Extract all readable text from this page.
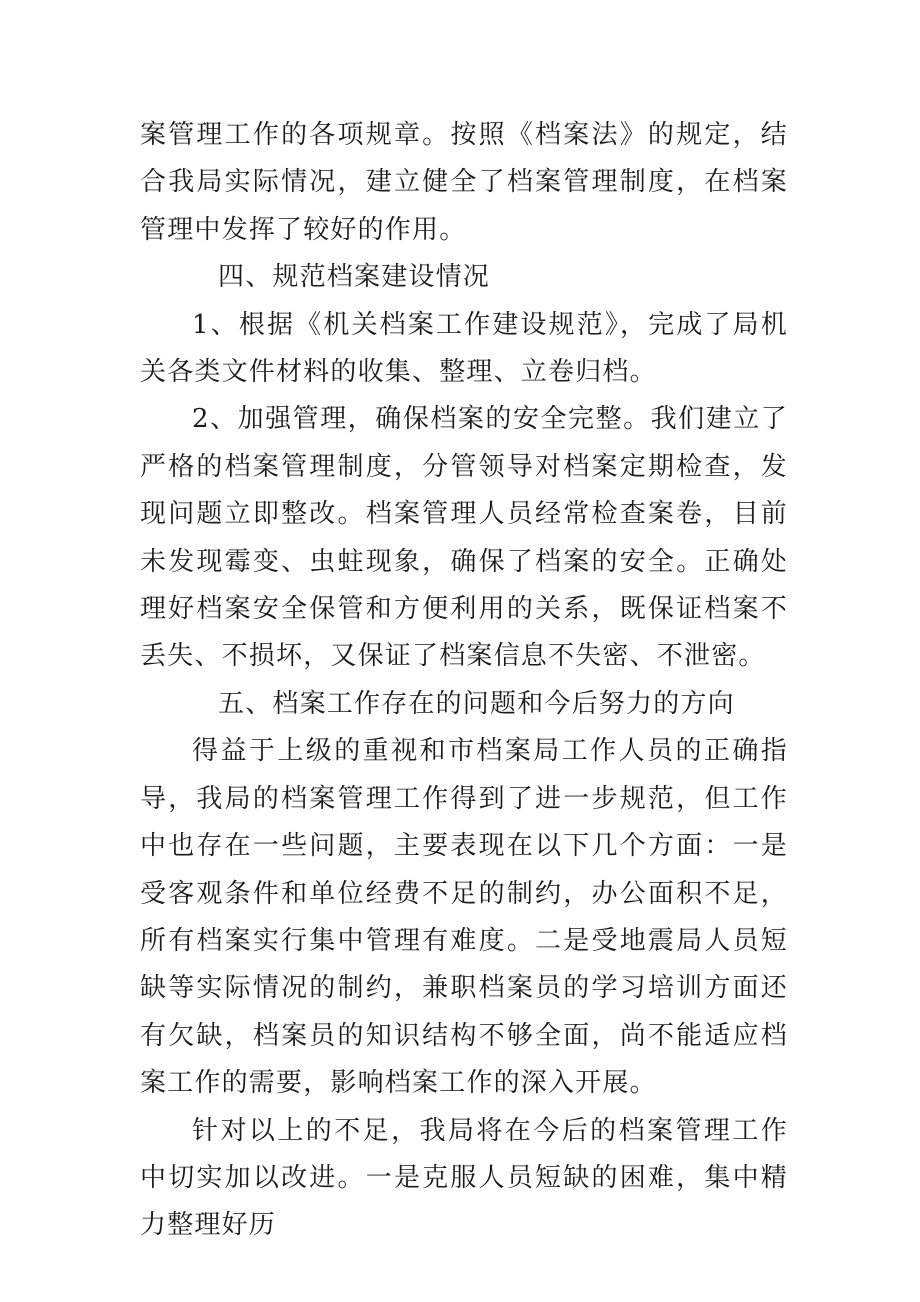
案管理工作的各项规章。按照《档案法》的规定，结合我局实际情况，建立健全了档案管理制度，在档案管理中发挥了较好的作用。

四、规范档案建设情况

1、根据《机关档案工作建设规范》，完成了局机关各类文件材料的收集、整理、立卷归档。

2、加强管理，确保档案的安全完整。我们建立了严格的档案管理制度，分管领导对档案定期检查，发现问题立即整改。档案管理人员经常检查案卷，目前未发现霉变、虫蛀现象，确保了档案的安全。正确处理好档案安全保管和方便利用的关系，既保证档案不丢失、不损坏，又保证了档案信息不失密、不泄密。

五、档案工作存在的问题和今后努力的方向

得益于上级的重视和市档案局工作人员的正确指导，我局的档案管理工作得到了进一步规范，但工作中也存在一些问题，主要表现在以下几个方面：一是受客观条件和单位经费不足的制约，办公面积不足，所有档案实行集中管理有难度。二是受地震局人员短缺等实际情况的制约，兼职档案员的学习培训方面还有欠缺，档案员的知识结构不够全面，尚不能适应档案工作的需要，影响档案工作的深入开展。

针对以上的不足，我局将在今后的档案管理工作中切实加以改进。一是克服人员短缺的困难，集中精力整理好历
